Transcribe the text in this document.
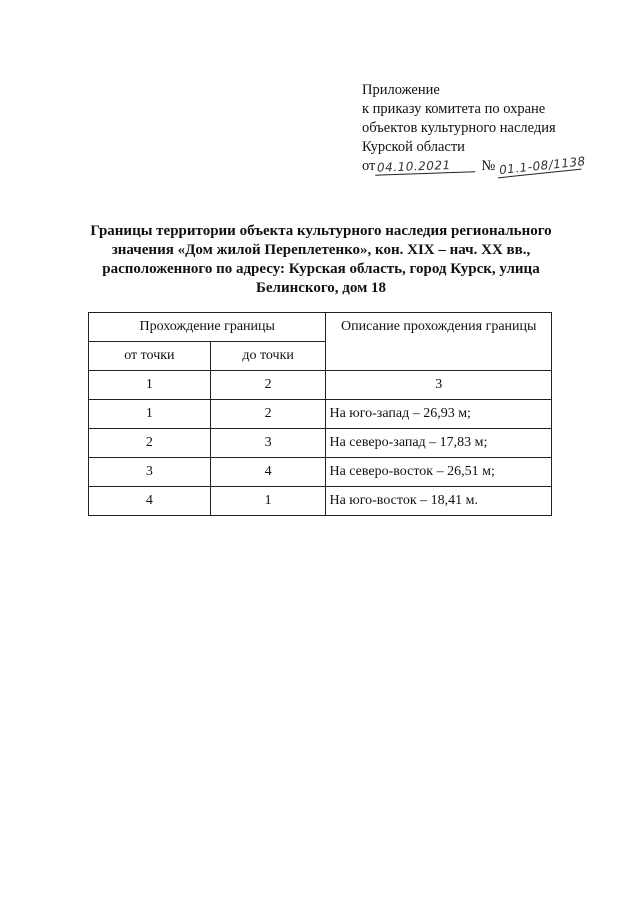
Приложение
к приказу комитета по охране
объектов культурного наследия
Курской области
от 04.10.2021 № 01.1-08/1138
Границы территории объекта культурного наследия регионального
значения «Дом жилой Переплетенко», кон. XIX – нач. XX вв.,
расположенного по адресу: Курская область, город Курск, улица
Белинского, дом 18
Прохождение границы		Описание прохождения границы
от точки	до точки	
1	2	3
1	2	На юго-запад – 26,93 м;
2	3	На северо-запад – 17,83 м;
3	4	На северо-восток – 26,51 м;
4	1	На юго-восток – 18,41 м.
